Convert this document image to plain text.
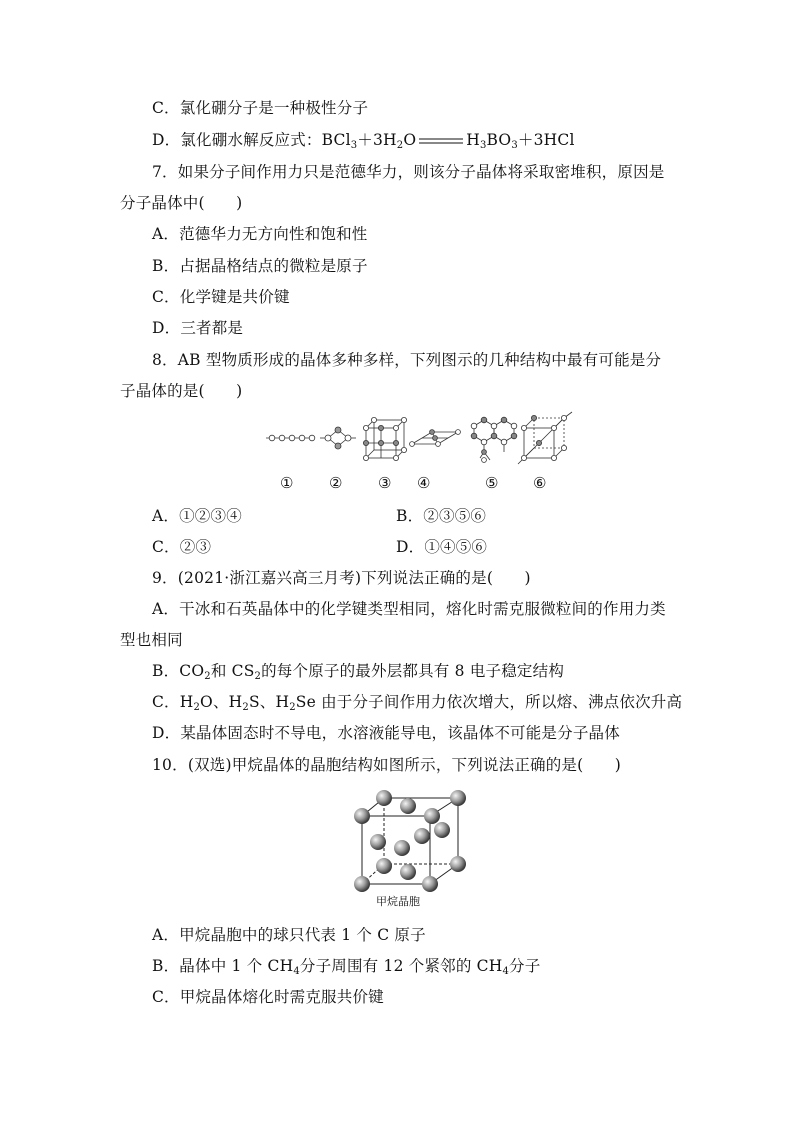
C．氯化硼分子是一种极性分子
D．氯化硼水解反应式：$BCl_3+3H_2O$	$H_3BO_3+3HCl$
7．如果分子间作用力只是范德华力，则该分子晶体将采取密堆积，原因是
分子晶体中(　　)
A．范德华力无方向性和饱和性
B．占据晶格结点的微粒是原子
C．化学键是共价键
D．三者都是
8．AB 型物质形成的晶体多种多样，下列图示的几种结构中最有可能是分
子晶体的是(　　)
① ② ③ ④	⑤ ⑥
A．①②③④	B．②③⑤⑥
C．②③	D．①④⑤⑥
9．(2021·浙江嘉兴高三月考)下列说法正确的是(　　)
A．干冰和石英晶体中的化学键类型相同，熔化时需克服微粒间的作用力类
型也相同
B．$CO_2$和 $CS_2$的每个原子的最外层都具有 8 电子稳定结构
C．$H_2O$、$H_2S$、$H_2Se$ 由于分子间作用力依次增大，所以熔、沸点依次升高
D．某晶体固态时不导电，水溶液能导电，该晶体不可能是分子晶体
10．(双选)甲烷晶体的晶胞结构如图所示，下列说法正确的是(　　)
甲烷晶胞
A．甲烷晶胞中的球只代表 1 个 C 原子
B．晶体中 1 个 $CH_4$分子周围有 12 个紧邻的 $CH_4$分子
C．甲烷晶体熔化时需克服共价键
